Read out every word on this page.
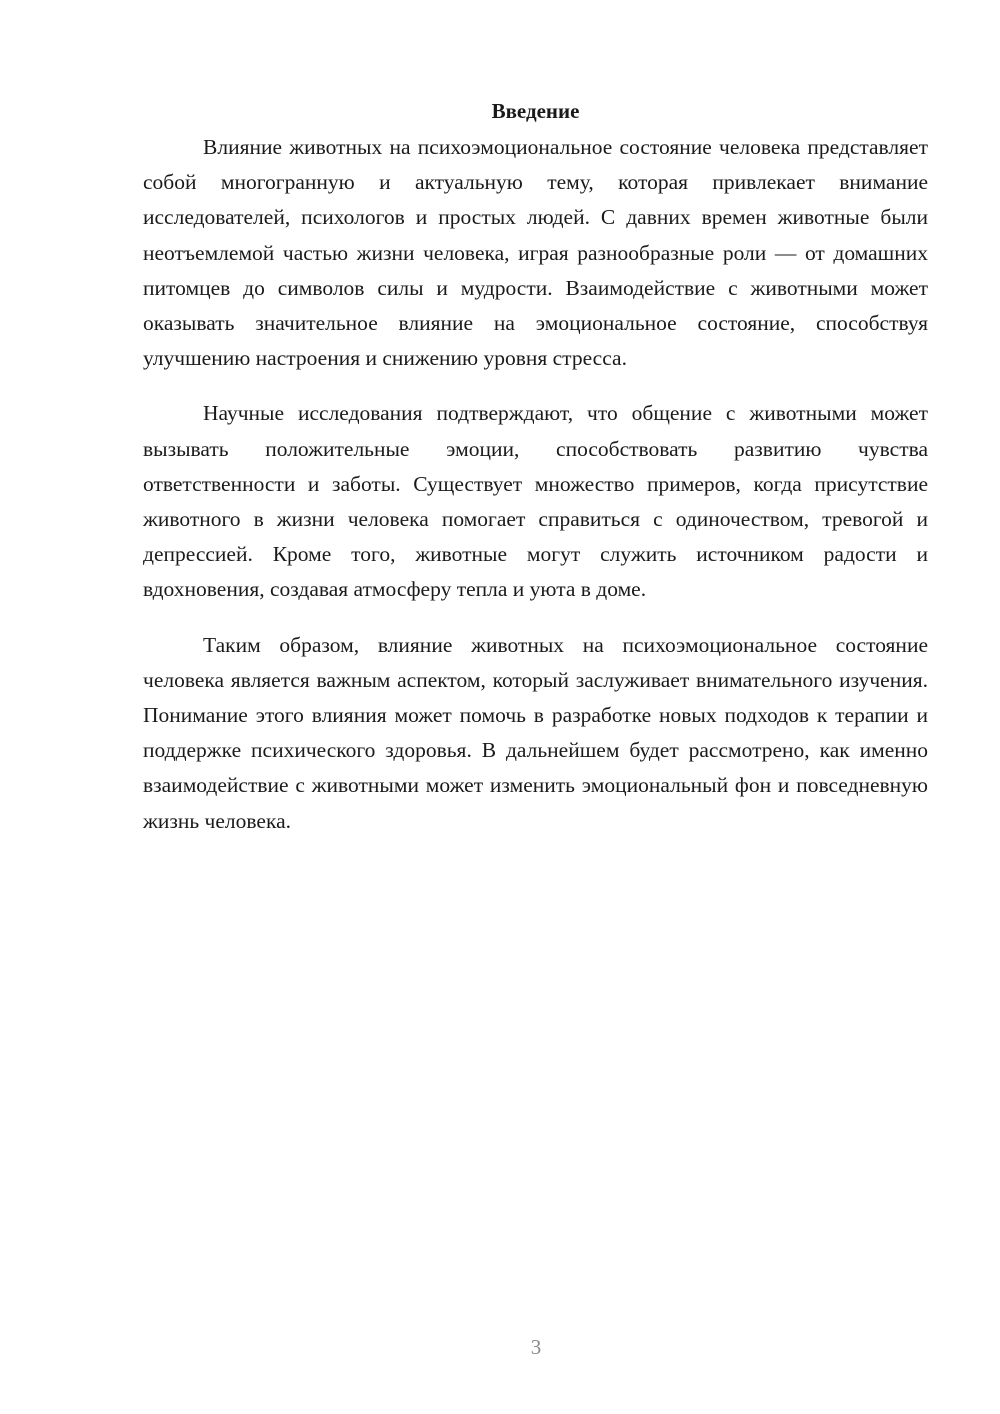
Введение

Влияние животных на психоэмоциональное состояние человека представляет собой многогранную и актуальную тему, которая привлекает внимание исследователей, психологов и простых людей. С давних времен животные были неотъемлемой частью жизни человека, играя разнообразные роли — от домашних питомцев до символов силы и мудрости. Взаимодействие с животными может оказывать значительное влияние на эмоциональное состояние, способствуя улучшению настроения и снижению уровня стресса.

Научные исследования подтверждают, что общение с животными может вызывать положительные эмоции, способствовать развитию чувства ответственности и заботы. Существует множество примеров, когда присутствие животного в жизни человека помогает справиться с одиночеством, тревогой и депрессией. Кроме того, животные могут служить источником радости и вдохновения, создавая атмосферу тепла и уюта в доме.

Таким образом, влияние животных на психоэмоциональное состояние человека является важным аспектом, который заслуживает внимательного изучения. Понимание этого влияния может помочь в разработке новых подходов к терапии и поддержке психического здоровья. В дальнейшем будет рассмотрено, как именно взаимодействие с животными может изменить эмоциональный фон и повседневную жизнь человека.

3
